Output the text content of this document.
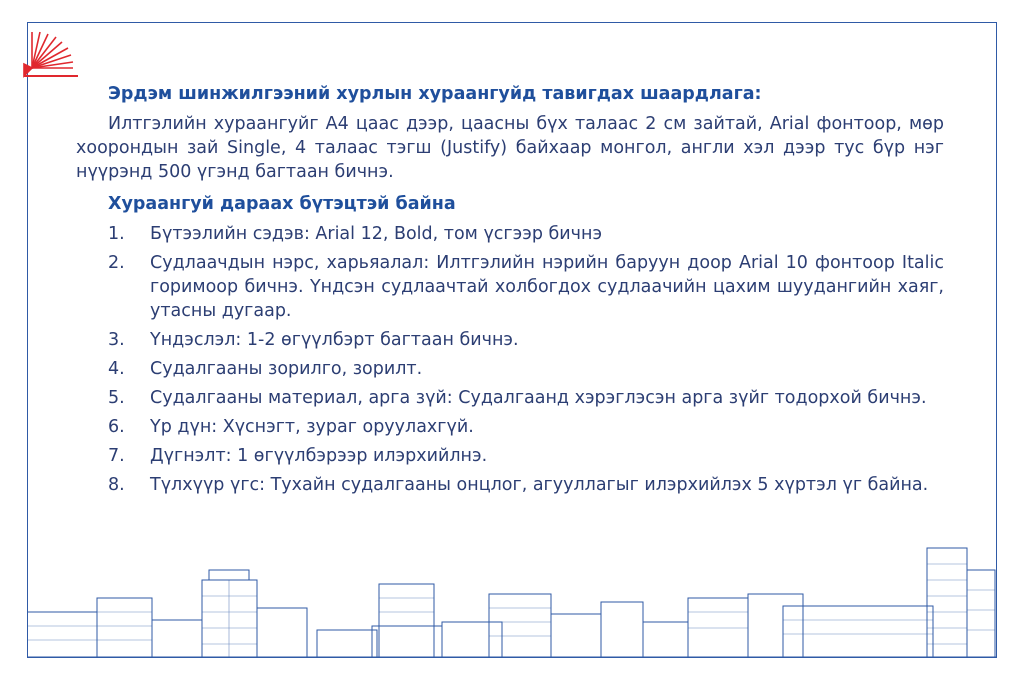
Эрдэм шинжилгээний хурлын хураангуйд тавигдах шаардлага:

Илтгэлийн хураангуйг A4 цаас дээр, цаасны бүх талаас 2 см зайтай, Arial фонтоор, мөр хоорондын зай Single, 4 талаас тэгш (Justify) байхаар монгол, англи хэл дээр тус бүр нэг нүүрэнд 500 үгэнд багтаан бичнэ.

Хураангуй дараах бүтэцтэй байна
1.	Бүтээлийн сэдэв: Arial 12, Bold, том үсгээр бичнэ
2.	Судлаачдын нэрс, харьяалал: Илтгэлийн нэрийн баруун доор Arial 10 фонтоор Italic горимоор бичнэ. Үндсэн судлаачтай холбогдох судлаачийн цахим шуудангийн хаяг, утасны дугаар.
3.	Үндэслэл: 1-2 өгүүлбэрт багтаан бичнэ.
4.	Судалгааны зорилго, зорилт.
5.	Судалгааны материал, арга зүй: Судалгаанд хэрэглэсэн арга зүйг тодорхой бичнэ.
6.	Үр дүн: Хүснэгт, зураг оруулахгүй.
7.	Дүгнэлт: 1 өгүүлбэрээр илэрхийлнэ.
8.	Түлхүүр үгс: Тухайн судалгааны онцлог, агууллагыг илэрхийлэх 5 хүртэл үг байна.
